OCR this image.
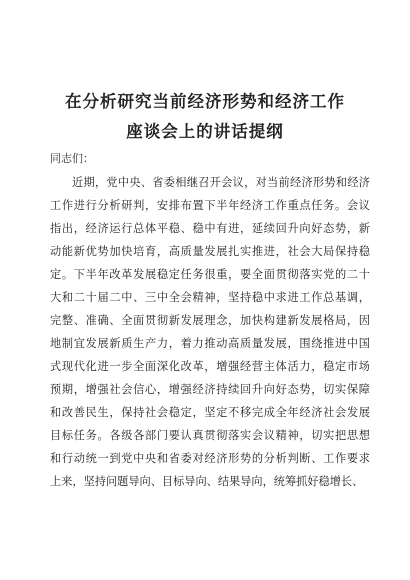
在分析研究当前经济形势和经济工作
座谈会上的讲话提纲
同志们：
近期，党中央、省委相继召开会议，对当前经济形势和经济
工作进行分析研判，安排布置下半年经济工作重点任务。会议
指出，经济运行总体平稳、稳中有进，延续回升向好态势，新
动能新优势加快培育，高质量发展扎实推进，社会大局保持稳
定。下半年改革发展稳定任务很重，要全面贯彻落实党的二十
大和二十届二中、三中全会精神，坚持稳中求进工作总基调，
完整、准确、全面贯彻新发展理念，加快构建新发展格局，因
地制宜发展新质生产力，着力推动高质量发展，围绕推进中国
式现代化进一步全面深化改革，增强经营主体活力，稳定市场
预期，增强社会信心，增强经济持续回升向好态势，切实保障
和改善民生，保持社会稳定，坚定不移完成全年经济社会发展
目标任务。各级各部门要认真贯彻落实会议精神，切实把思想
和行动统一到党中央和省委对经济形势的分析判断、工作要求
上来，坚持问题导向、目标导向、结果导向，统筹抓好稳增长、
